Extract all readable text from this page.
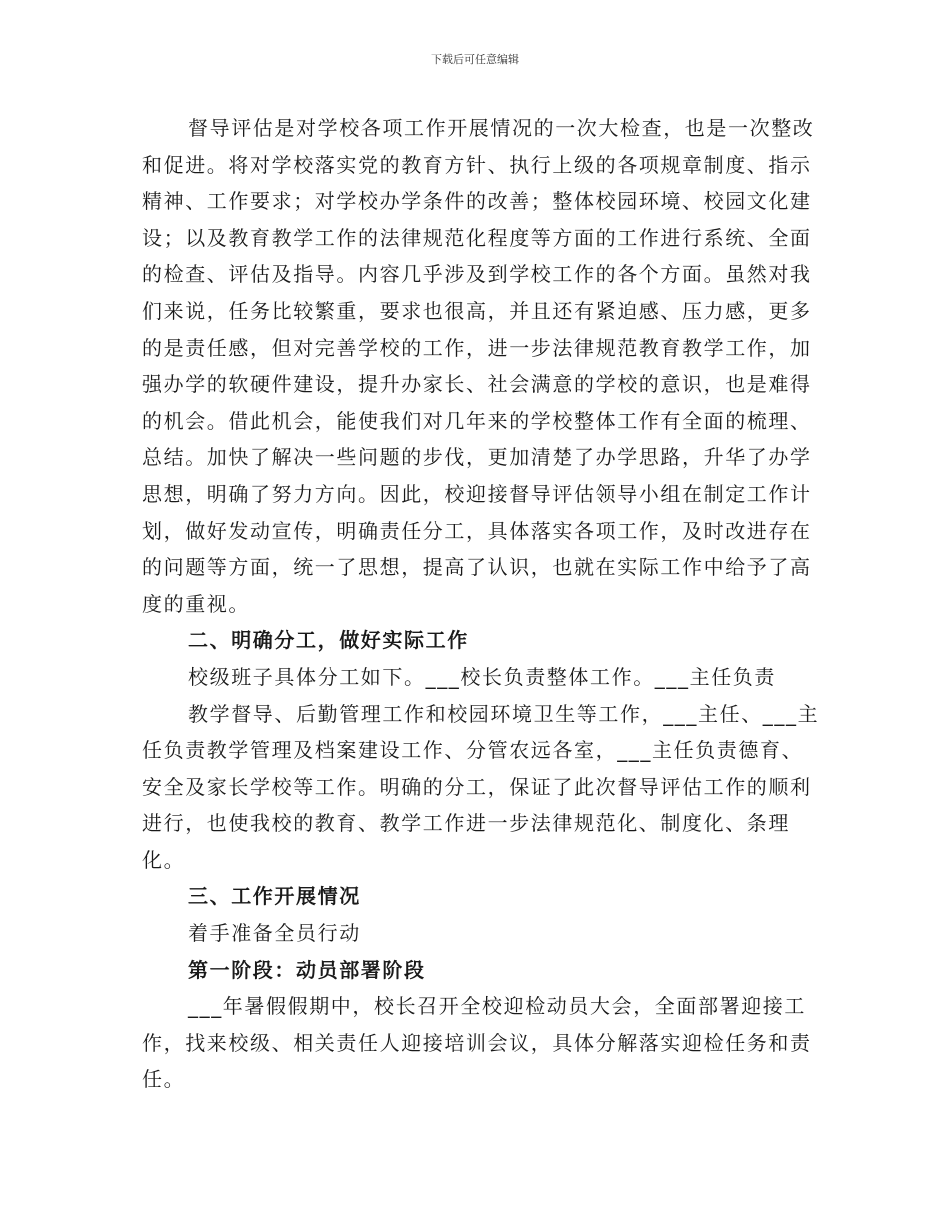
下载后可任意编辑

督导评估是对学校各项工作开展情况的一次大检查，也是一次整改和促进。将对学校落实党的教育方针、执行上级的各项规章制度、指示精神、工作要求；对学校办学条件的改善；整体校园环境、校园文化建设；以及教育教学工作的法律规范化程度等方面的工作进行系统、全面的检查、评估及指导。内容几乎涉及到学校工作的各个方面。虽然对我们来说，任务比较繁重，要求也很高，并且还有紧迫感、压力感，更多的是责任感，但对完善学校的工作，进一步法律规范教育教学工作，加强办学的软硬件建设，提升办家长、社会满意的学校的意识，也是难得的机会。借此机会，能使我们对几年来的学校整体工作有全面的梳理、总结。加快了解决一些问题的步伐，更加清楚了办学思路，升华了办学思想，明确了努力方向。因此，校迎接督导评估领导小组在制定工作计划，做好发动宣传，明确责任分工，具体落实各项工作，及时改进存在的问题等方面，统一了思想，提高了认识，也就在实际工作中给予了高度的重视。

二、明确分工，做好实际工作

校级班子具体分工如下。___校长负责整体工作。___主任负责

教学督导、后勤管理工作和校园环境卫生等工作，___主任、___主任负责教学管理及档案建设工作、分管农远各室，___主任负责德育、安全及家长学校等工作。明确的分工，保证了此次督导评估工作的顺利进行，也使我校的教育、教学工作进一步法律规范化、制度化、条理化。

三、工作开展情况

着手准备全员行动

第一阶段：动员部署阶段

___年暑假假期中，校长召开全校迎检动员大会，全面部署迎接工作，找来校级、相关责任人迎接培训会议，具体分解落实迎检任务和责任。
